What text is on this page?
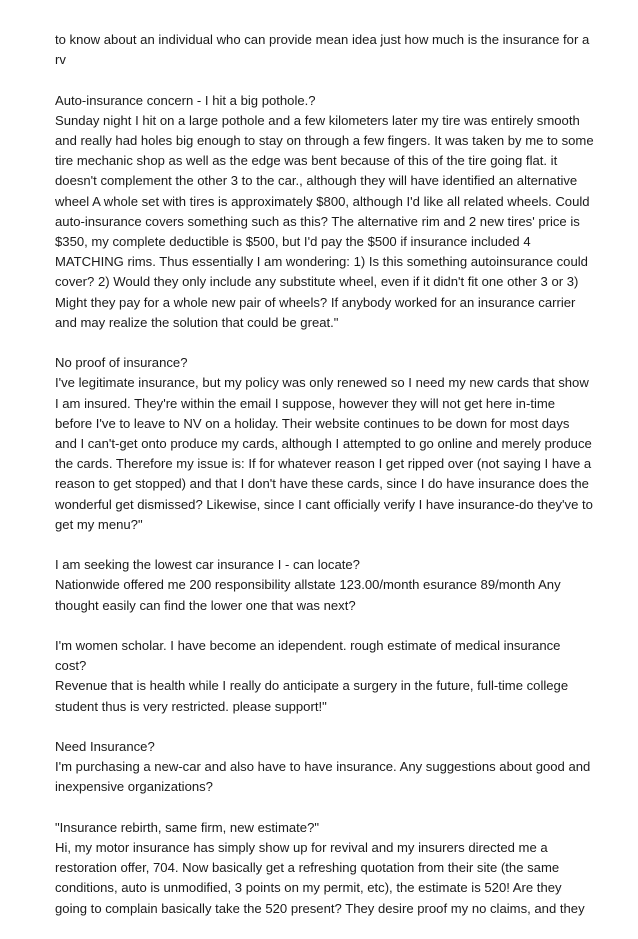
to know about an individual who can provide mean idea just how much is the insurance for a
rv

Auto-insurance concern - I hit a big pothole.?
Sunday night I hit on a large pothole and a few kilometers later my tire was entirely smooth
and really had holes big enough to stay on through a few fingers. It was taken by me to some
tire mechanic shop as well as the edge was bent because of this of the tire going flat. it
doesn't complement the other 3 to the car., although they will have identified an alternative
wheel A whole set with tires is approximately $800, although I'd like all related wheels. Could
auto-insurance covers something such as this? The alternative rim and 2 new tires' price is
$350, my complete deductible is $500, but I'd pay the $500 if insurance included 4
MATCHING rims. Thus essentially I am wondering: 1) Is this something autoinsurance could
cover? 2) Would they only include any substitute wheel, even if it didn't fit one other 3 or 3)
Might they pay for a whole new pair of wheels? If anybody worked for an insurance carrier
and may realize the solution that could be great."

No proof of insurance?
I've legitimate insurance, but my policy was only renewed so I need my new cards that show
I am insured. They're within the email I suppose, however they will not get here in-time
before I've to leave to NV on a holiday. Their website continues to be down for most days
and I can't-get onto produce my cards, although I attempted to go online and merely produce
the cards. Therefore my issue is: If for whatever reason I get ripped over (not saying I have a
reason to get stopped) and that I don't have these cards, since I do have insurance does the
wonderful get dismissed? Likewise, since I cant officially verify I have insurance-do they've to
get my menu?"

I am seeking the lowest car insurance I - can locate?
Nationwide offered me 200 responsibility allstate 123.00/month esurance 89/month Any
thought easily can find the lower one that was next?

I'm women scholar. I have become an idependent. rough estimate of medical insurance
cost?
Revenue that is health while I really do anticipate a surgery in the future, full-time college
student thus is very restricted. please support!"

Need Insurance?
I'm purchasing a new-car and also have to have insurance. Any suggestions about good and
inexpensive organizations?

"Insurance rebirth, same firm, new estimate?"
Hi, my motor insurance has simply show up for revival and my insurers directed me a
restoration offer, 704. Now basically get a refreshing quotation from their site (the same
conditions, auto is unmodified, 3 points on my permit, etc), the estimate is 520! Are they
going to complain basically take the 520 present? They desire proof my no claims, and they
